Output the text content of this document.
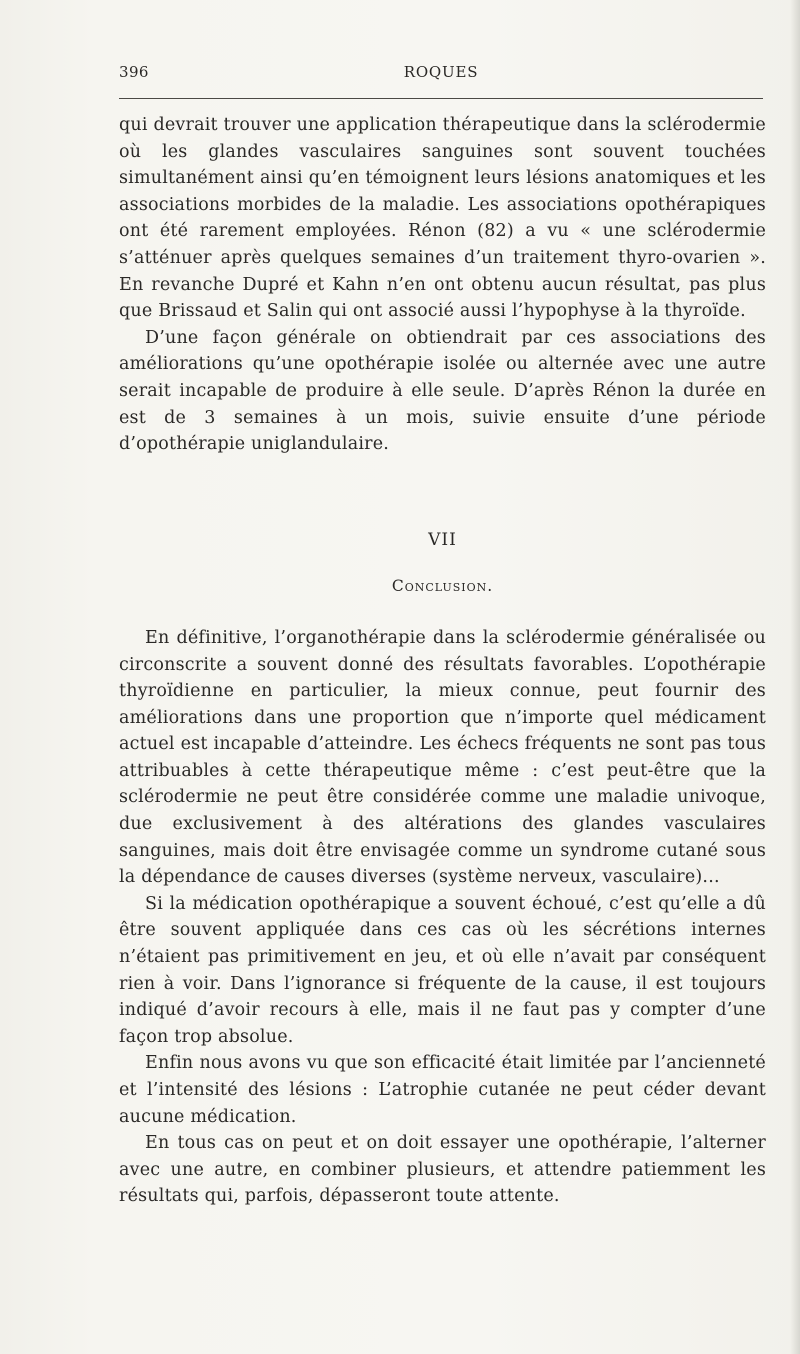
396	ROQUES

qui devrait trouver une application thérapeutique dans la sclérodermie où les glandes vasculaires sanguines sont souvent touchées simultanément ainsi qu’en témoignent leurs lésions anatomiques et les associations morbides de la maladie. Les associations opothérapiques ont été rarement employées. Rénon (82) a vu « une sclérodermie s’atténuer après quelques semaines d’un traitement thyro-ovarien ». En revanche Dupré et Kahn n’en ont obtenu aucun résultat, pas plus que Brissaud et Salin qui ont associé aussi l’hypophyse à la thyroïde.

D’une façon générale on obtiendrait par ces associations des améliorations qu’une opothérapie isolée ou alternée avec une autre serait incapable de produire à elle seule. D’après Rénon la durée en est de 3 semaines à un mois, suivie ensuite d’une période d’opothérapie uniglandulaire.

VII
Conclusion.

En définitive, l’organothérapie dans la sclérodermie généralisée ou circonscrite a souvent donné des résultats favorables. L’opothérapie thyroïdienne en particulier, la mieux connue, peut fournir des améliorations dans une proportion que n’importe quel médicament actuel est incapable d’atteindre. Les échecs fréquents ne sont pas tous attribuables à cette thérapeutique même : c’est peut-être que la sclérodermie ne peut être considérée comme une maladie univoque, due exclusivement à des altérations des glandes vasculaires sanguines, mais doit être envisagée comme un syndrome cutané sous la dépendance de causes diverses (système nerveux, vasculaire)...

Si la médication opothérapique a souvent échoué, c’est qu’elle a dû être souvent appliquée dans ces cas où les sécrétions internes n’étaient pas primitivement en jeu, et où elle n’avait par conséquent rien à voir. Dans l’ignorance si fréquente de la cause, il est toujours indiqué d’avoir recours à elle, mais il ne faut pas y compter d’une façon trop absolue.

Enfin nous avons vu que son efficacité était limitée par l’ancienneté et l’intensité des lésions : L’atrophie cutanée ne peut céder devant aucune médication.

En tous cas on peut et on doit essayer une opothérapie, l’alterner avec une autre, en combiner plusieurs, et attendre patiemment les résultats qui, parfois, dépasseront toute attente.
